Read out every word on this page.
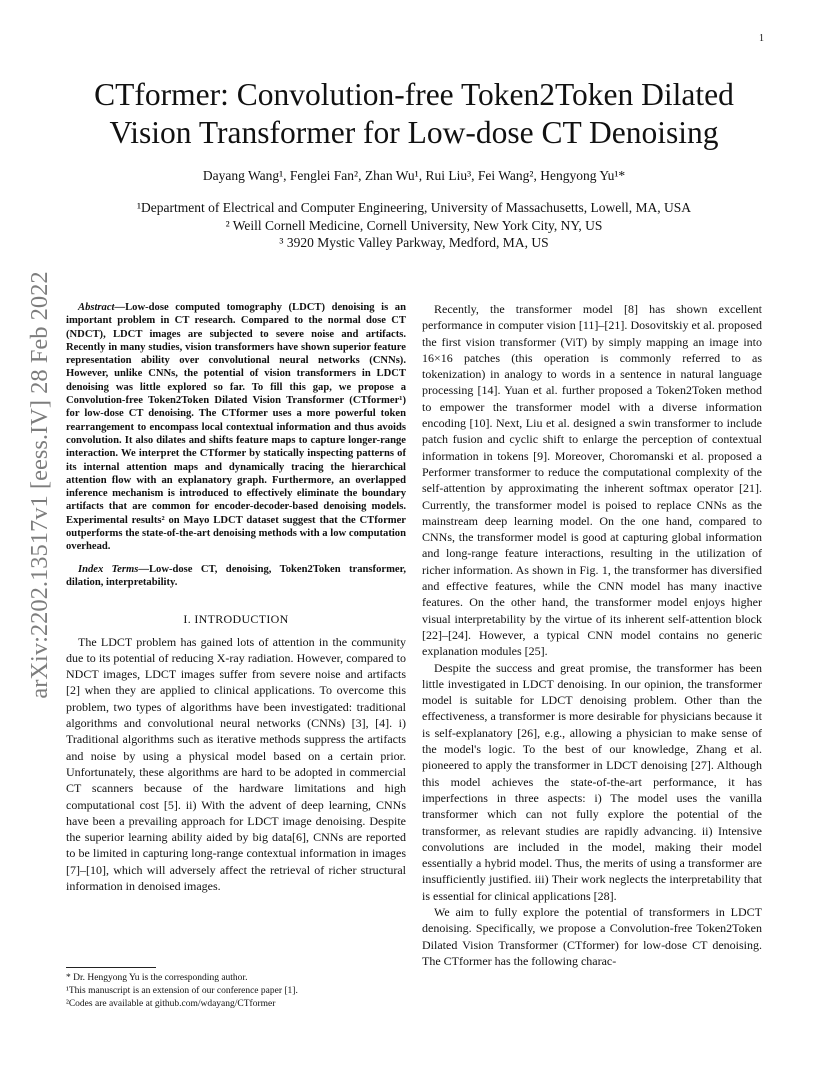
1
CTformer: Convolution-free Token2Token Dilated
Vision Transformer for Low-dose CT Denoising
Dayang Wang¹, Fenglei Fan², Zhan Wu¹, Rui Liu³, Fei Wang², Hengyong Yu¹*
¹Department of Electrical and Computer Engineering, University of Massachusetts, Lowell, MA, USA
² Weill Cornell Medicine, Cornell University, New York City, NY, US
³ 3920 Mystic Valley Parkway, Medford, MA, US
arXiv:2202.13517v1 [eess.IV] 28 Feb 2022	Abstract—Low-dose computed tomography (LDCT) denoising is an important problem in CT research. Compared to the normal dose CT (NDCT), LDCT images are subjected to severe noise and artifacts. Recently in many studies, vision transformers have shown superior feature representation ability over convolutional neural networks (CNNs). However, unlike CNNs, the potential of vision transformers in LDCT denoising was little explored so far. To fill this gap, we propose a Convolution-free Token2Token Dilated Vision Transformer (CTformer¹) for low-dose CT denoising. The CTformer uses a more powerful token rearrangement to encompass local contextual information and thus avoids convolution. It also dilates and shifts feature maps to capture longer-range interaction. We interpret the CTformer by statically inspecting patterns of its internal attention maps and dynamically tracing the hierarchical attention flow with an explanatory graph. Furthermore, an overlapped inference mechanism is introduced to effectively eliminate the boundary artifacts that are common for encoder-decoder-based denoising models. Experimental results² on Mayo LDCT dataset suggest that the CTformer outperforms the state-of-the-art denoising methods with a low computation overhead.

Index Terms—Low-dose CT, denoising, Token2Token transformer, dilation, interpretability.

I. INTRODUCTION

The LDCT problem has gained lots of attention in the community due to its potential of reducing X-ray radiation. However, compared to NDCT images, LDCT images suffer from severe noise and artifacts [2] when they are applied to clinical applications. To overcome this problem, two types of algorithms have been investigated: traditional algorithms and convolutional neural networks (CNNs) [3], [4]. i) Traditional algorithms such as iterative methods suppress the artifacts and noise by using a physical model based on a certain prior. Unfortunately, these algorithms are hard to be adopted in commercial CT scanners because of the hardware limitations and high computational cost [5]. ii) With the advent of deep learning, CNNs have been a prevailing approach for LDCT image denoising. Despite the superior learning ability aided by big data[6], CNNs are reported to be limited in capturing long-range contextual information in images [7]–[10], which will adversely affect the retrieval of richer structural information in denoised images.

Recently, the transformer model [8] has shown excellent performance in computer vision [11]–[21]. Dosovitskiy et al. proposed the first vision transformer (ViT) by simply mapping an image into 16×16 patches (this operation is commonly referred to as tokenization) in analogy to words in a sentence in natural language processing [14]. Yuan et al. further proposed a Token2Token method to empower the transformer model with a diverse information encoding [10]. Next, Liu et al. designed a swin transformer to include patch fusion and cyclic shift to enlarge the perception of contextual information in tokens [9]. Moreover, Choromanski et al. proposed a Performer transformer to reduce the computational complexity of the self-attention by approximating the inherent softmax operator [21]. Currently, the transformer model is poised to replace CNNs as the mainstream deep learning model. On the one hand, compared to CNNs, the transformer model is good at capturing global information and long-range feature interactions, resulting in the utilization of richer information. As shown in Fig. 1, the transformer has diversified and effective features, while the CNN model has many inactive features. On the other hand, the transformer model enjoys higher visual interpretability by the virtue of its inherent self-attention block [22]–[24]. However, a typical CNN model contains no generic explanation modules [25].

Despite the success and great promise, the transformer has been little investigated in LDCT denoising. In our opinion, the transformer model is suitable for LDCT denoising problem. Other than the effectiveness, a transformer is more desirable for physicians because it is self-explanatory [26], e.g., allowing a physician to make sense of the model's logic. To the best of our knowledge, Zhang et al. pioneered to apply the transformer in LDCT denoising [27]. Although this model achieves the state-of-the-art performance, it has imperfections in three aspects: i) The model uses the vanilla transformer which can not fully explore the potential of the transformer, as relevant studies are rapidly advancing. ii) Intensive convolutions are included in the model, making their model essentially a hybrid model. Thus, the merits of using a transformer are insufficiently justified. iii) Their work neglects the interpretability that is essential for clinical applications [28].

We aim to fully explore the potential of transformers in LDCT denoising. Specifically, we propose a Convolution-free Token2Token Dilated Vision Transformer (CTformer) for low-dose CT denoising. The CTformer has the following charac-

* Dr. Hengyong Yu is the corresponding author.
¹This manuscript is an extension of our conference paper [1].
²Codes are available at github.com/wdayang/CTformer
